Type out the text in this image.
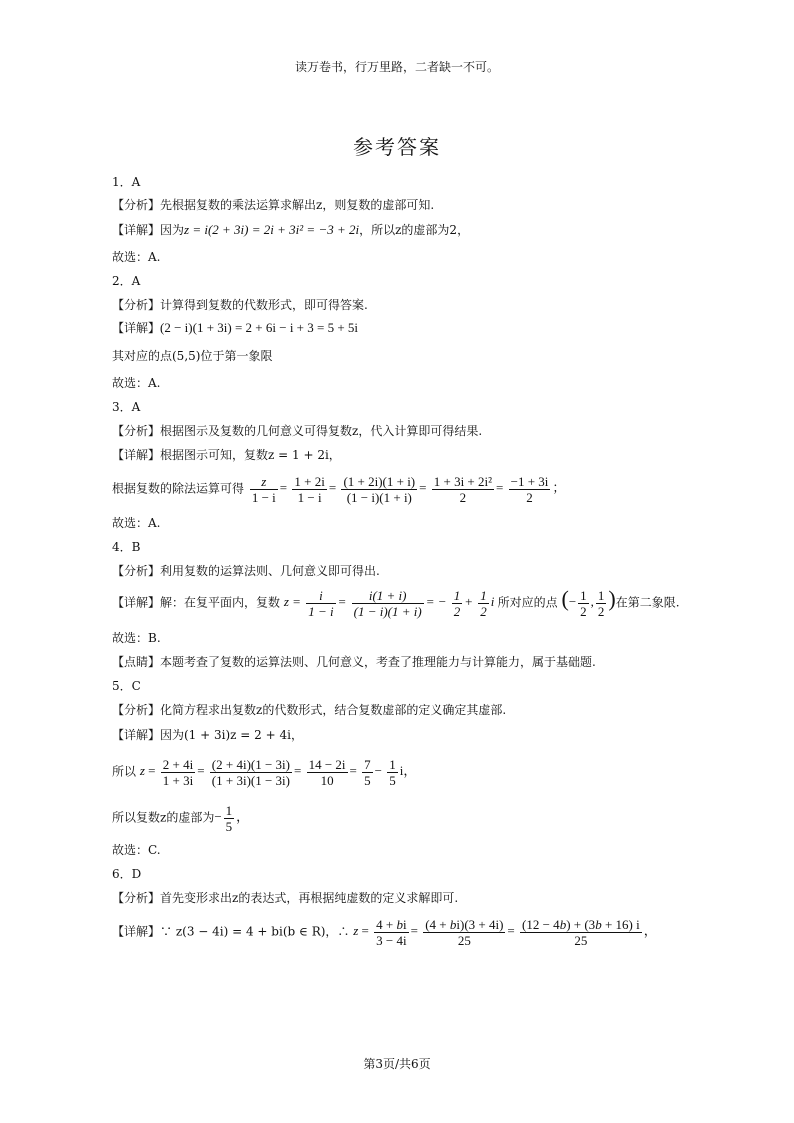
读万卷书，行万里路，二者缺一不可。
参考答案
1．A
【分析】先根据复数的乘法运算求解出z，则复数的虚部可知.
【详解】因为z = i(2 + 3i) = 2i + 3i² = −3 + 2i，所以z的虚部为2，
故选：A.
2．A
【分析】计算得到复数的代数形式，即可得答案.
【详解】(2 − i)(1 + 3i) = 2 + 6i − i + 3 = 5 + 5i
其对应的点(5,5)位于第一象限
故选：A.
3．A
【分析】根据图示及复数的几何意义可得复数z，代入计算即可得结果.
【详解】根据图示可知，复数z = 1 + 2i，
根据复数的除法运算可得 $\frac{z}{1 - i} = \frac{1 + 2i}{1 - i} = \frac{(1 + 2i)(1 + i)}{(1 - i)(1 + i)} = \frac{\text{1 + 3i + 2i²}}{2} = \frac{-1 + 3i}{2}$ ；
故选：A.
4．B
【分析】利用复数的运算法则、几何意义即可得出.
【详解】解：在复平面内，复数 $z = \frac{i}{1 - i} = \frac{i(1 + i)}{(1 - i)(1 + i)}$ = − $\frac{1}{2} + \frac{1}{2}$ i 所对应的点 (− $\frac{1}{2}$ , $\frac{1}{2}$ )在第二象限.
故选：B.
【点睛】本题考查了复数的运算法则、几何意义，考查了推理能力与计算能力，属于基础题.
5．C
【分析】化简方程求出复数z的代数形式，结合复数虚部的定义确定其虚部.
【详解】因为(1 + 3i)z = 2 + 4i，
所以 $z = \frac{2 + 4i}{1 + 3i} = \frac{(2 + 4i)(1 - 3i)}{(1 + 3i)(1 - 3i)} = \frac{14 - 2i}{10} = \frac{7}{5} - \frac{1}{5}$ i，
所以复数z的虚部为− $\frac{1}{5}$ ，
故选：C.
6．D
【分析】首先变形求出z的表达式，再根据纯虚数的定义求解即可.
【详解】∵ z(3 − 4i) = 4 + bi(b ∈ R)，∴ $z = \frac{4 + bi}{3 - 4i} = \frac{(4 + bi)(3 + 4i)}{25} = \frac{(12 - 4b) + (3b + 16) i}{25}$ ，
第3页/共6页
